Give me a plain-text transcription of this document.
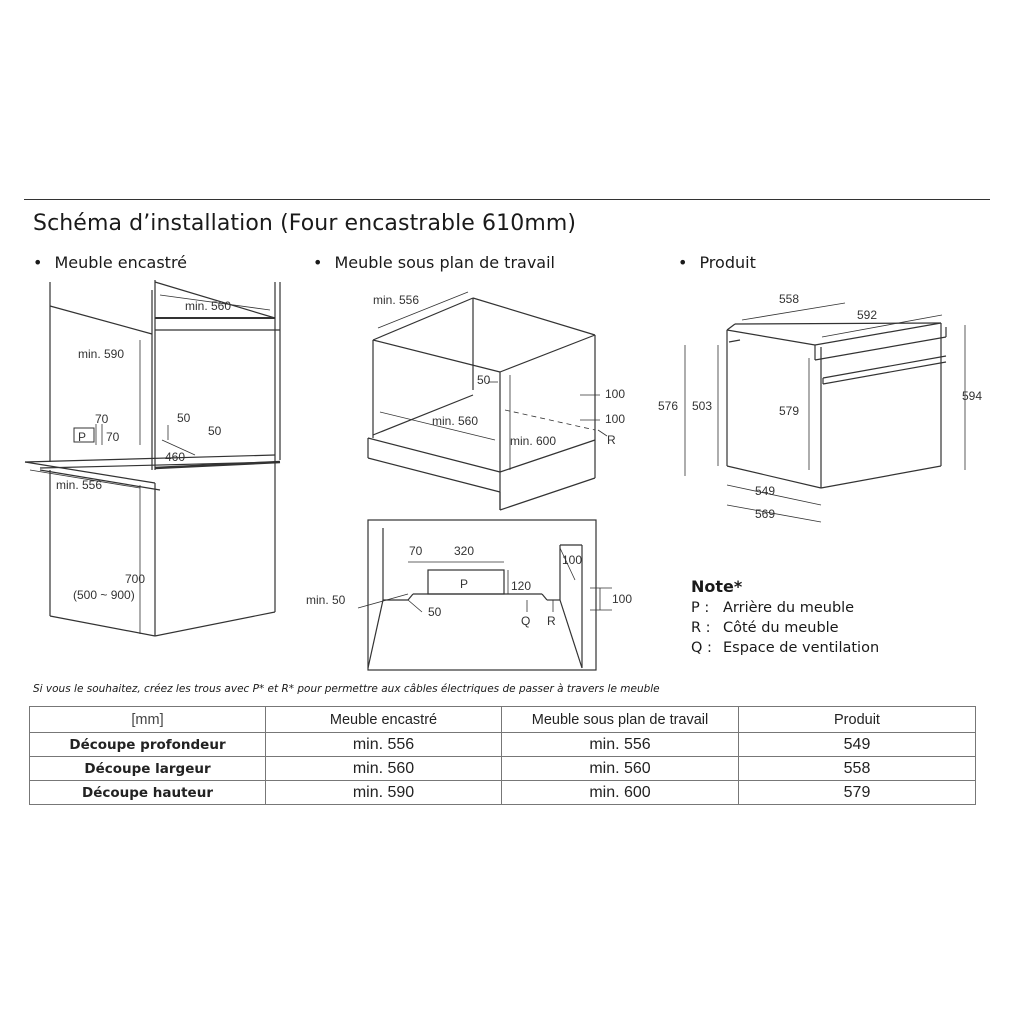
Schéma d’installation (Four encastrable 610mm)
• Meuble encastré	• Meuble sous plan de travail	• Produit
min. 560
min. 590
70
P 70
50
50
460
min. 556
700
(500 ~ 900)
min. 556
50
min. 560
min. 600
100
100
R
70	320
100
P	120
100
min. 50
50
Q R
558
592
576 503	579
594
549
569
Note*
P : Arrière du meuble
R : Côté du meuble
Q : Espace de ventilation
Si vous le souhaitez, créez les trous avec P* et R* pour permettre aux câbles électriques de passer à travers le meuble
[mm]	Meuble encastré	Meuble sous plan de travail	Produit
Découpe profondeur	min. 556	min. 556	549
Découpe largeur	min. 560	min. 560	558
Découpe hauteur	min. 590	min. 600	579
